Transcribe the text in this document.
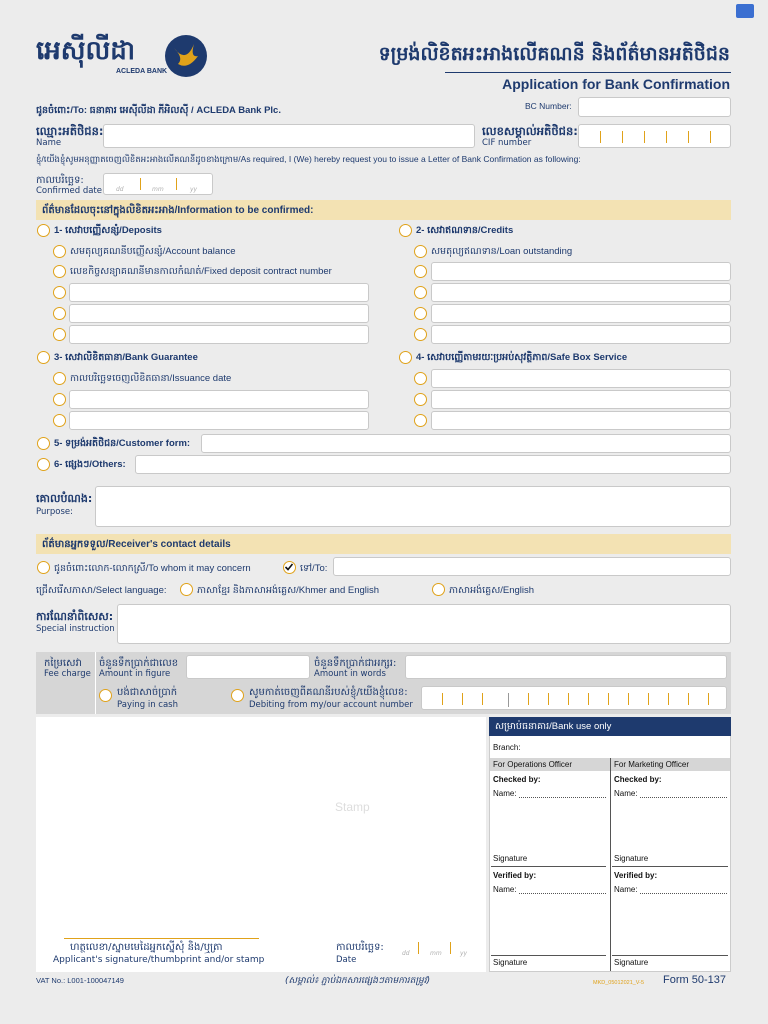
អេស៊ីលីដា
ACLEDA BANK
ទម្រង់លិខិតអះអាងលើគណនី និងព័ត៌មានអតិថិជន
Application for Bank Confirmation
BC Number:
ជូនចំពោះ/To: ធនាគារ អេស៊ីលីដា ភីអិលស៊ី / ACLEDA Bank Plc.
ឈ្មោះអតិថិជន:
Name
លេខសម្គាល់អតិថិជន:
CIF number
ខ្ញុំ/យើងខ្ញុំសូមអនុញ្ញាតចេញលិខិតអះអាងលើគណនីដូចខាងក្រោម/As required, I (We) hereby request you to issue a Letter of Bank Confirmation as following:
កាលបរិច្ឆេទ:
Confirmed date dd	mm	yy
ព័ត៌មានដែលចុះនៅក្នុងលិខិតអះអាង/Information to be confirmed:
1- សេវាបញ្ញើសន្សំ/Deposits
សមតុល្យគណនីបញ្ញើសន្សំ/Account balance
លេខកិច្ចសន្យាគណនីមានកាលកំណត់/Fixed deposit contract number
2- សេវាឥណទាន/Credits
សមតុល្យឥណទាន/Loan outstanding
3- សេវាលិខិតធានា/Bank Guarantee
កាលបរិច្ឆេទចេញលិខិតធានា/Issuance date
4- សេវាបញ្ញើតាមរយៈប្រអប់សុវត្ថិភាព/Safe Box Service
5- ទម្រង់អតិថិជន/Customer form:
6- ផ្សេងៗ/Others:
គោលបំណង:
Purpose:
ព័ត៌មានអ្នកទទួល/Receiver's contact details
ជូនចំពោះលោក-លោកស្រី/To whom it may concern	ទៅ/To:
ជ្រើសរើសភាសា/Select language:	ភាសាខ្មែរ និងភាសាអង់គ្លេស/Khmer and English	ភាសាអង់គ្លេស/English
ការណែនាំពិសេស:
Special instruction
កម្រៃសេវា
Fee charge
ចំនួនទឹកប្រាក់ជាលេខ
Amount in figure
ចំនួនទឹកប្រាក់ជាអក្សរ:
Amount in words
បង់ជាសាច់ប្រាក់
Paying in cash
សូមកាត់ចេញពីគណនីរបស់ខ្ញុំ/យើងខ្ញុំលេខ:
Debiting from my/our account number
Stamp
ហត្ថលេខា/ស្នាមមេដៃអ្នកស្នើសុំ និង/ឬត្រា
Applicant's signature/thumbprint and/or stamp
កាលបរិច្ឆេទ:
Date
dd	mm	yy
សម្រាប់ធនាគារ/Bank use only
Branch:
For Operations Officer	For Marketing Officer
Checked by:
Name:
Signature
Verified by:
Name:
Signature
Checked by:
Name:
Signature
Verified by:
Name:
Signature
VAT No.: L001-100047149	(សម្គាល់៖ ភ្ជាប់ឯកសារផ្សេងៗតាមការតម្រូវ)	MKD_05012021_V-5 Form 50-137
